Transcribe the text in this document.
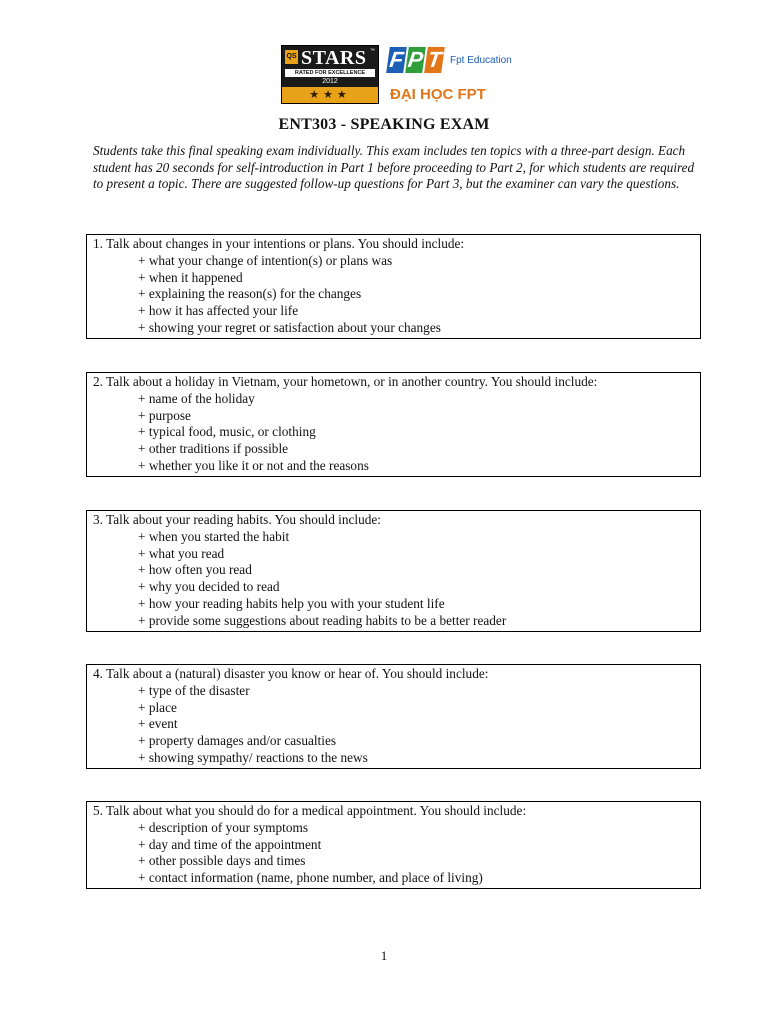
QS STARS ™
RATED FOR EXCELLENCE
2012
★★★
F P T Fpt Education
ĐẠI HỌC FPT
ENT303 - SPEAKING EXAM
Students take this final speaking exam individually. This exam includes ten topics with a three-part design. Each student has 20 seconds for self-introduction in Part 1 before proceeding to Part 2, for which students are required to present a topic. There are suggested follow-up questions for Part 3, but the examiner can vary the questions.
1. Talk about changes in your intentions or plans. You should include:
+ what your change of intention(s) or plans was
+ when it happened
+ explaining the reason(s) for the changes
+ how it has affected your life
+ showing your regret or satisfaction about your changes
2. Talk about a holiday in Vietnam, your hometown, or in another country. You should include:
+ name of the holiday
+ purpose
+ typical food, music, or clothing
+ other traditions if possible
+ whether you like it or not and the reasons
3. Talk about your reading habits. You should include:
+ when you started the habit
+ what you read
+ how often you read
+ why you decided to read
+ how your reading habits help you with your student life
+ provide some suggestions about reading habits to be a better reader
4. Talk about a (natural) disaster you know or hear of. You should include:
+ type of the disaster
+ place
+ event
+ property damages and/or casualties
+ showing sympathy/ reactions to the news
5. Talk about what you should do for a medical appointment. You should include:
+ description of your symptoms
+ day and time of the appointment
+ other possible days and times
+ contact information (name, phone number, and place of living)
1
